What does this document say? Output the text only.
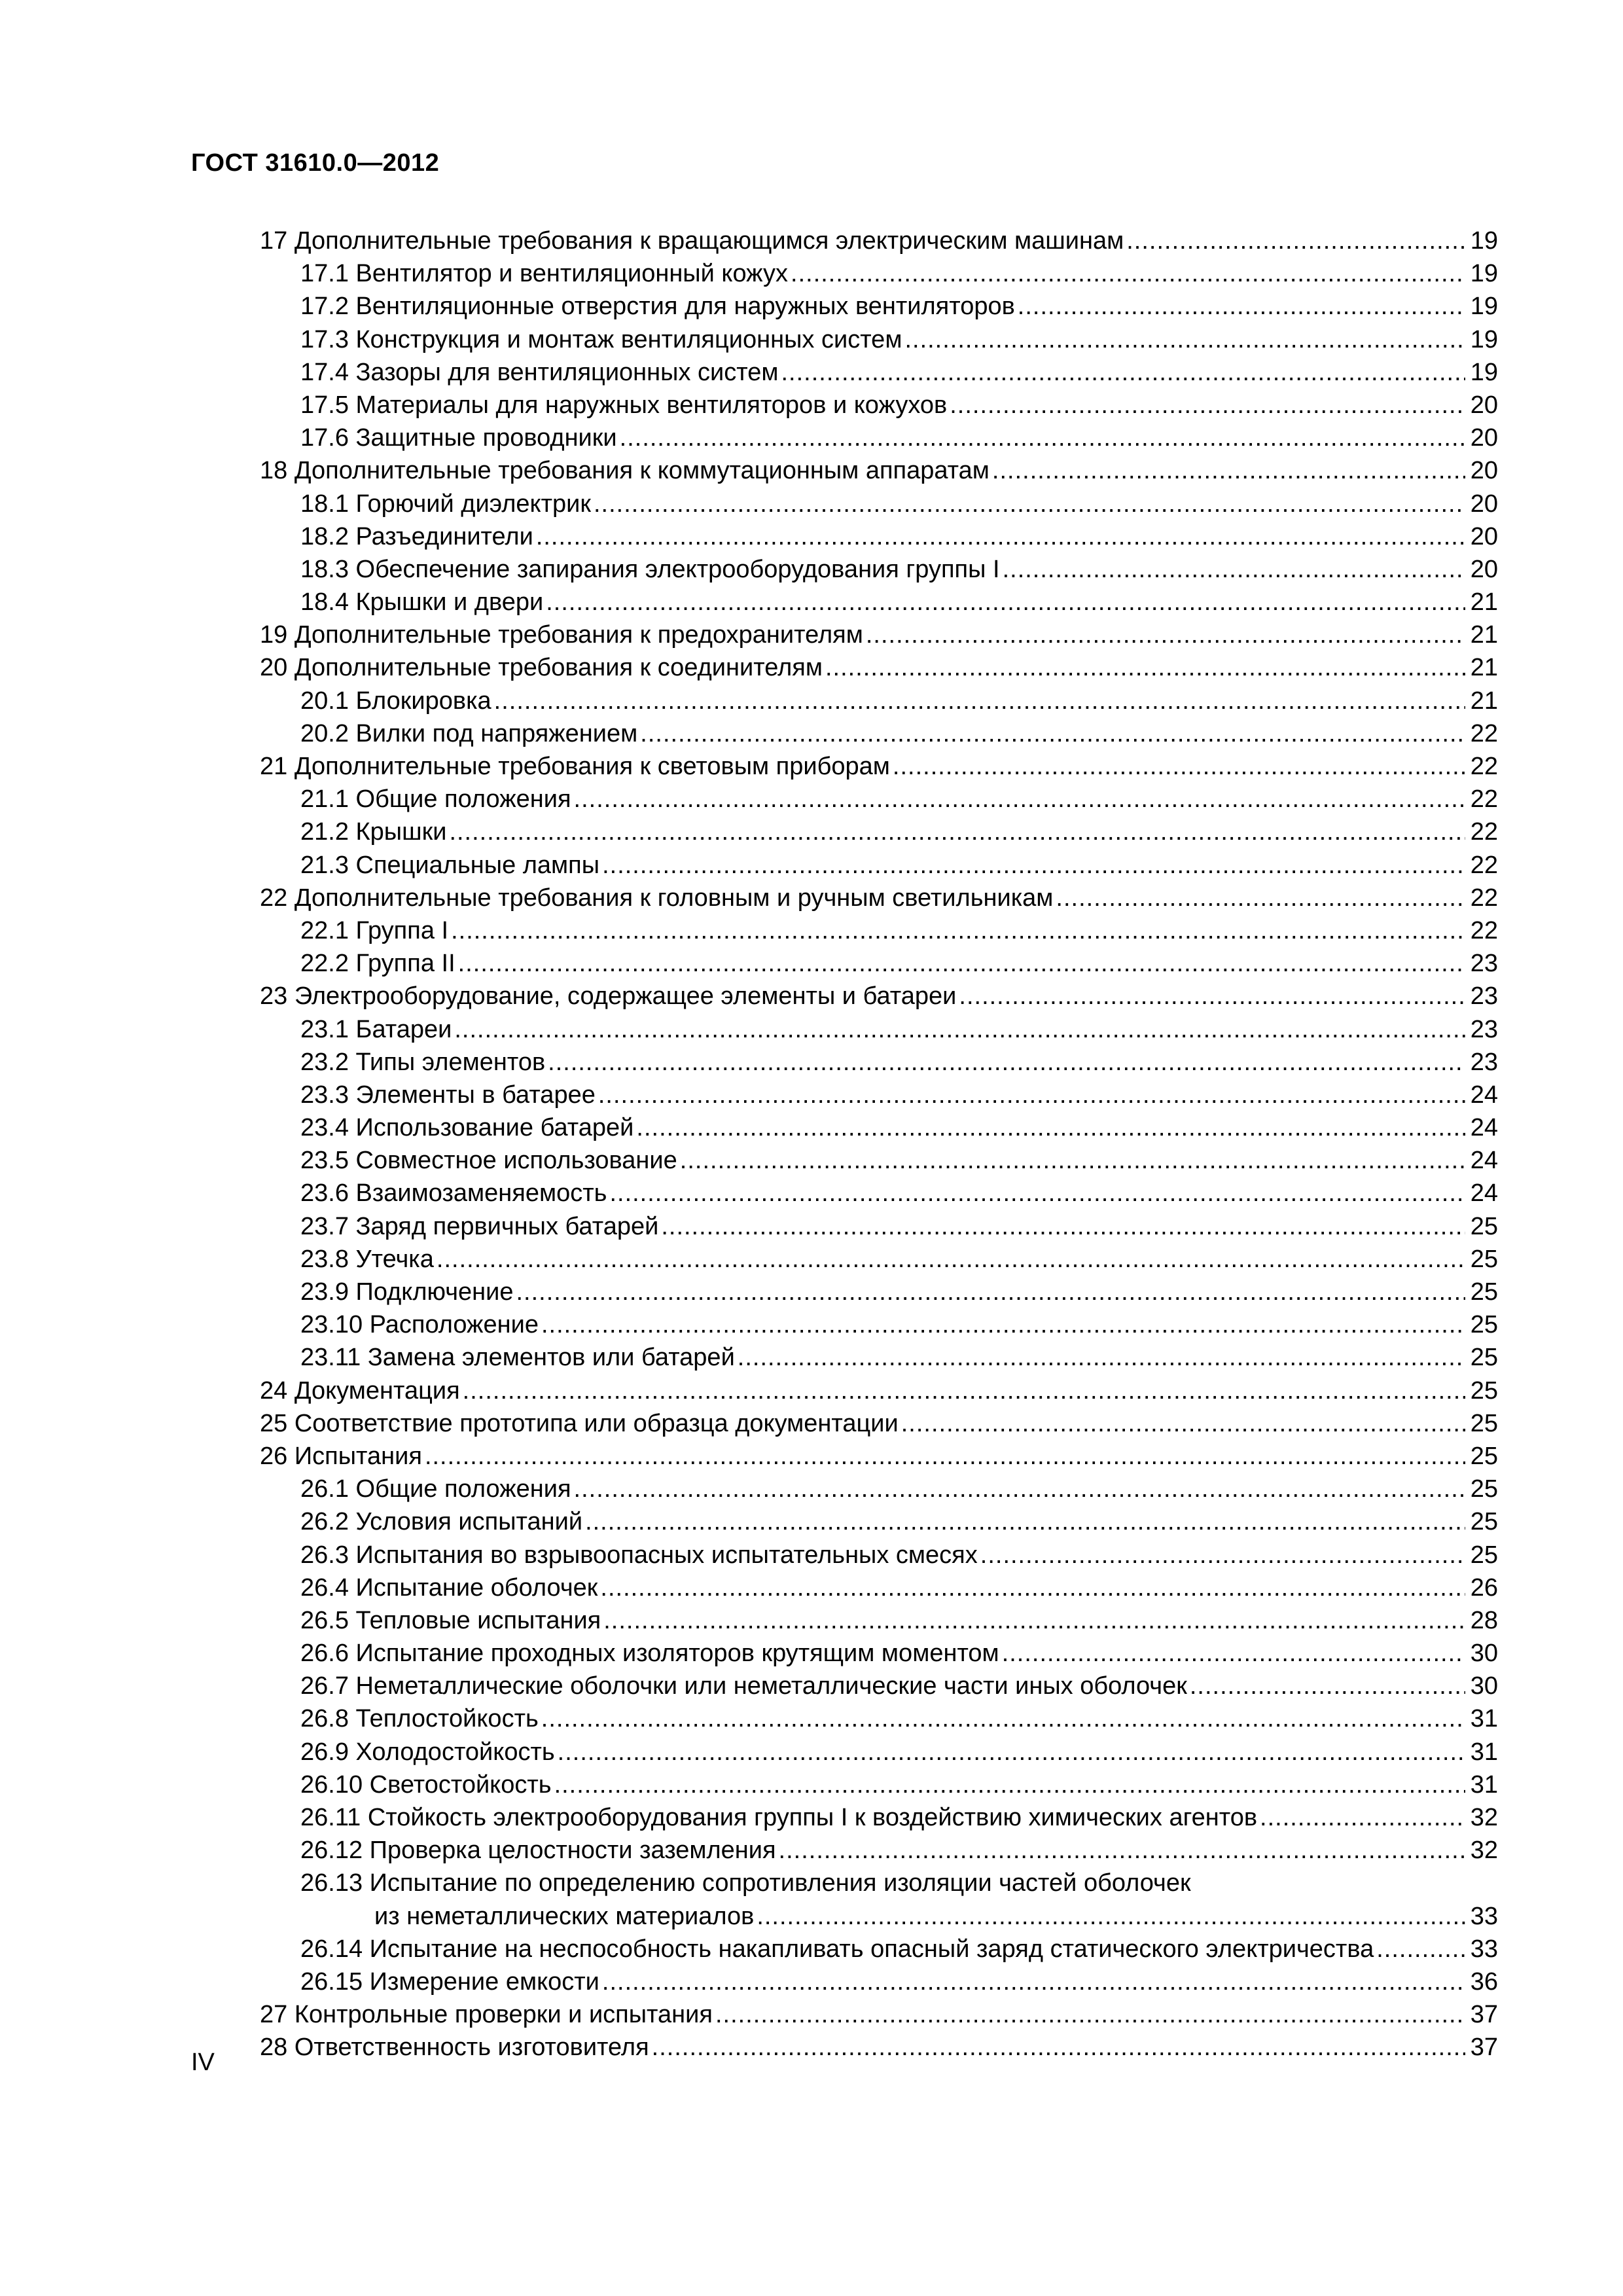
ГОСТ 31610.0—2012
17 Дополнительные требования к вращающимся электрическим машинам .....	19
17.1 Вентилятор и вентиляционный кожух .....	19
17.2 Вентиляционные отверстия для наружных вентиляторов .....	19
17.3 Конструкция и монтаж вентиляционных систем .....	19
17.4 Зазоры для вентиляционных систем .....	19
17.5 Материалы для наружных вентиляторов и кожухов .....	20
17.6 Защитные проводники .....	20
18 Дополнительные требования к коммутационным аппаратам .....	20
18.1 Горючий диэлектрик .....	20
18.2 Разъединители .....	20
18.3 Обеспечение запирания электрооборудования группы I .....	20
18.4 Крышки и двери .....	21
19 Дополнительные требования к предохранителям .....	21
20 Дополнительные требования к соединителям .....	21
20.1 Блокировка .....	21
20.2 Вилки под напряжением .....	22
21 Дополнительные требования к световым приборам .....	22
21.1 Общие положения .....	22
21.2 Крышки .....	22
21.3 Специальные лампы .....	22
22 Дополнительные требования к головным и ручным светильникам .....	22
22.1 Группа I .....	22
22.2 Группа II .....	23
23 Электрооборудование, содержащее элементы и батареи .....	23
23.1 Батареи .....	23
23.2 Типы элементов .....	23
23.3 Элементы в батарее .....	24
23.4 Использование батарей .....	24
23.5 Совместное использование .....	24
23.6 Взаимозаменяемость .....	24
23.7 Заряд первичных батарей .....	25
23.8 Утечка .....	25
23.9 Подключение .....	25
23.10 Расположение .....	25
23.11 Замена элементов или батарей .....	25
24 Документация .....	25
25 Соответствие прототипа или образца документации .....	25
26 Испытания .....	25
26.1 Общие положения .....	25
26.2 Условия испытаний .....	25
26.3 Испытания во взрывоопасных испытательных смесях .....	25
26.4 Испытание оболочек .....	26
26.5 Тепловые испытания .....	28
26.6 Испытание проходных изоляторов крутящим моментом .....	30
26.7 Неметаллические оболочки или неметаллические части иных оболочек .....	30
26.8 Теплостойкость .....	31
26.9 Холодостойкость .....	31
26.10 Светостойкость .....	31
26.11 Стойкость электрооборудования группы I к воздействию химических агентов .....	32
26.12 Проверка целостности заземления .....	32
26.13 Испытание по определению сопротивления изоляции частей оболочек
из неметаллических материалов .....	33
26.14 Испытание на неспособность накапливать опасный заряд статического электричества .....	33
26.15 Измерение емкости .....	36
27 Контрольные проверки и испытания .....	37
28 Ответственность изготовителя .....	37
IV
